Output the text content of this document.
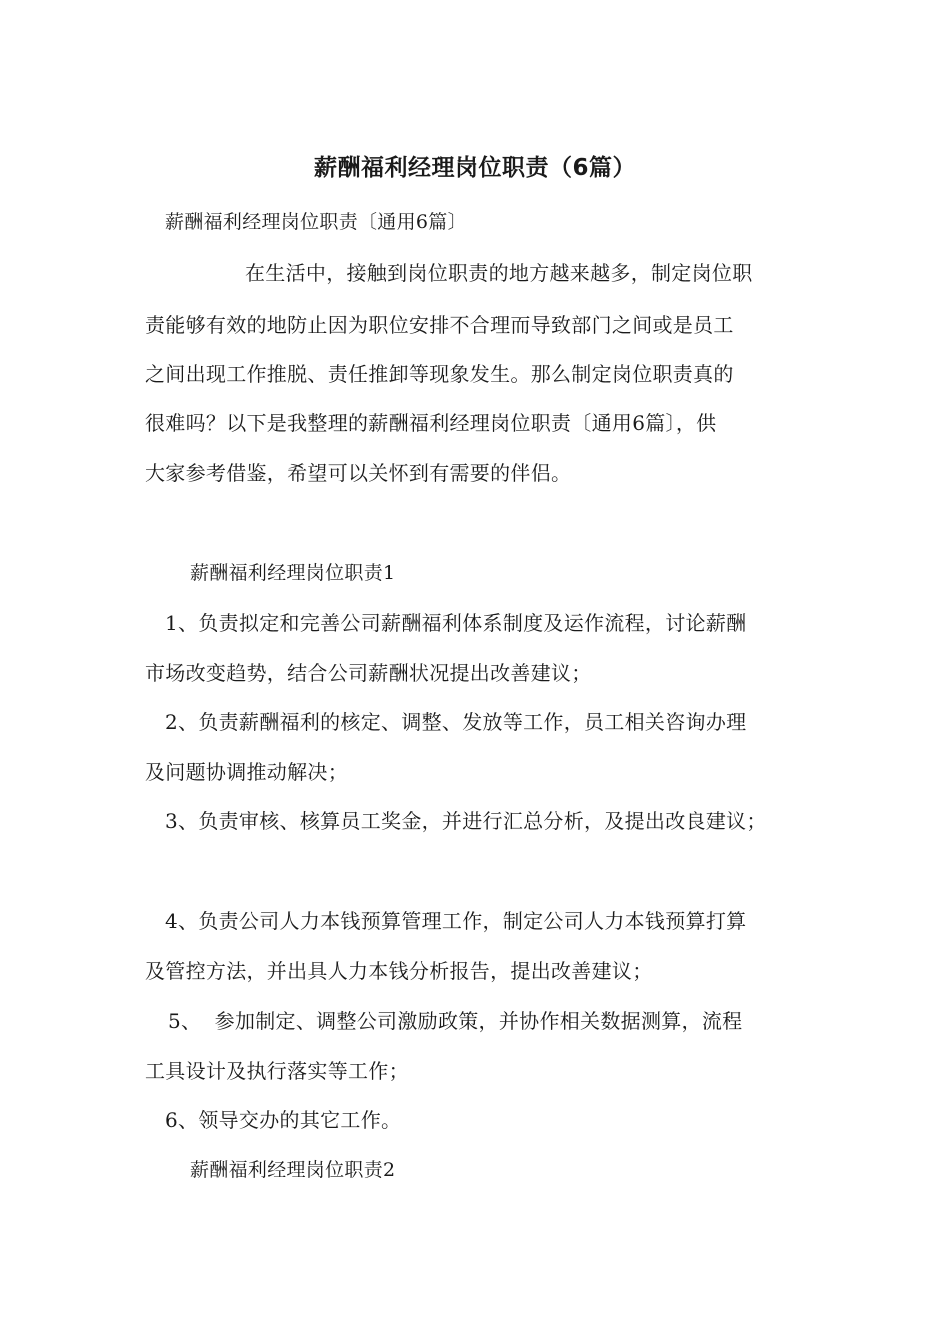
薪酬福利经理岗位职责（6篇）
薪酬福利经理岗位职责〔通用6篇〕
在生活中，接触到岗位职责的地方越来越多，制定岗位职
责能够有效的地防止因为职位安排不合理而导致部门之间或是员工
之间出现工作推脱、责任推卸等现象发生。那么制定岗位职责真的
很难吗？以下是我整理的薪酬福利经理岗位职责〔通用6篇〕，供
大家参考借鉴，希望可以关怀到有需要的伴侣。
薪酬福利经理岗位职责1
1、负责拟定和完善公司薪酬福利体系制度及运作流程，讨论薪酬
市场改变趋势，结合公司薪酬状况提出改善建议；
2、负责薪酬福利的核定、调整、发放等工作，员工相关咨询办理
及问题协调推动解决；
3、负责审核、核算员工奖金，并进行汇总分析，及提出改良建议；
4、负责公司人力本钱预算管理工作，制定公司人力本钱预算打算
及管控方法，并出具人力本钱分析报告，提出改善建议；
5、  参加制定、调整公司激励政策，并协作相关数据测算，流程
工具设计及执行落实等工作；
6、领导交办的其它工作。
薪酬福利经理岗位职责2
